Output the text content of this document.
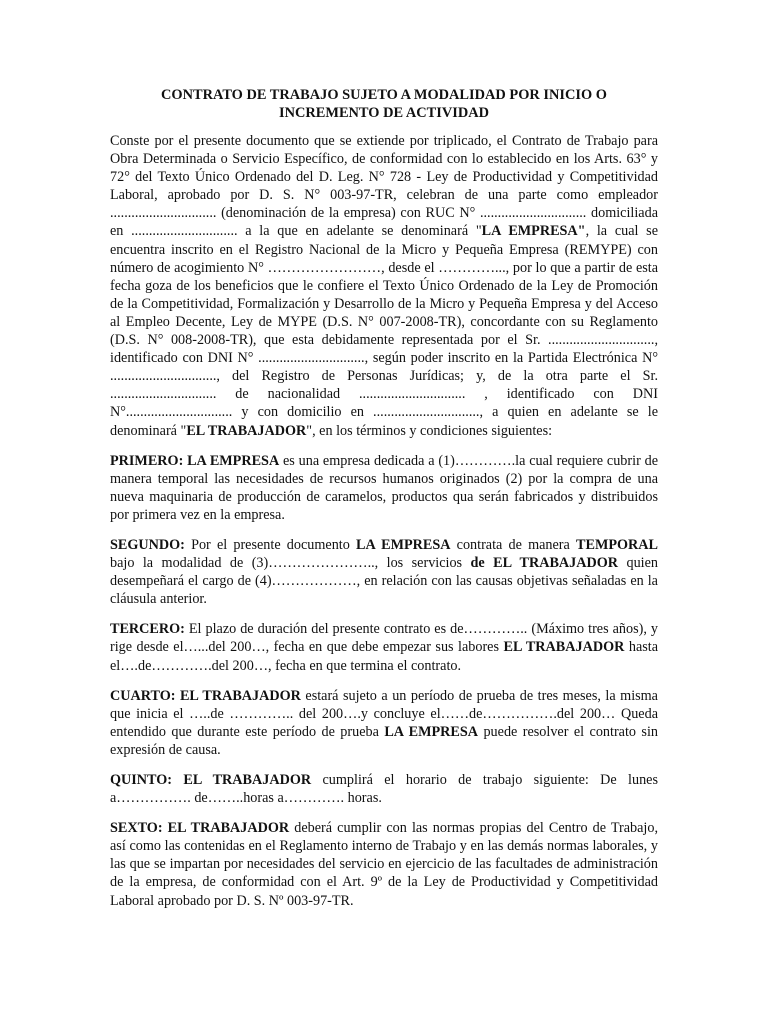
CONTRATO DE TRABAJO SUJETO A MODALIDAD POR INICIO O
INCREMENTO DE ACTIVIDAD

Conste por el presente documento que se extiende por triplicado, el Contrato de Trabajo para Obra Determinada o Servicio Específico, de conformidad con lo establecido en los Arts. 63° y 72° del Texto Único Ordenado del D. Leg. N° 728 - Ley de Productividad y Competitividad Laboral, aprobado por D. S. N° 003-97-TR, celebran de una parte como empleador .............................. (denominación de la empresa) con RUC N° .............................. domiciliada en .............................. a la que en adelante se denominará "LA EMPRESA", la cual se encuentra inscrito en el Registro Nacional de la Micro y Pequeña Empresa (REMYPE) con número de acogimiento N° ……………………, desde el …………..., por lo que a partir de esta fecha goza de los beneficios que le confiere el Texto Único Ordenado de la Ley de Promoción de la Competitividad, Formalización y Desarrollo de la Micro y Pequeña Empresa y del Acceso al Empleo Decente, Ley de MYPE (D.S. N° 007-2008-TR), concordante con su Reglamento (D.S. N° 008-2008-TR), que esta debidamente representada por el Sr. .............................., identificado con DNI N° .............................., según poder inscrito en la Partida Electrónica N° .............................., del Registro de Personas Jurídicas; y, de la otra parte el Sr. .............................. de nacionalidad .............................. , identificado con DNI N°.............................. y con domicilio en .............................., a quien en adelante se le denominará "EL TRABAJADOR", en los términos y condiciones siguientes:

PRIMERO: LA EMPRESA es una empresa dedicada a (1)………….la cual requiere cubrir de manera temporal las necesidades de recursos humanos originados (2) por la compra de una nueva maquinaria de producción de caramelos, productos qua serán fabricados y distribuidos por primera vez en la empresa.

SEGUNDO: Por el presente documento LA EMPRESA contrata de manera TEMPORAL bajo la modalidad de (3)………………….., los servicios de EL TRABAJADOR quien desempeñará el cargo de (4)………………, en relación con las causas objetivas señaladas en la cláusula anterior.

TERCERO: El plazo de duración del presente contrato es de………….. (Máximo tres años), y rige desde el…...del 200…, fecha en que debe empezar sus labores EL TRABAJADOR hasta el….de………….del 200…, fecha en que termina el contrato.

CUARTO: EL TRABAJADOR estará sujeto a un período de prueba de tres meses, la misma que inicia el …..de ………….. del 200….y concluye el……de…………….del 200… Queda entendido que durante este período de prueba LA EMPRESA puede resolver el contrato sin expresión de causa.

QUINTO: EL TRABAJADOR cumplirá el horario de trabajo siguiente: De lunes a……………. de……..horas a…………. horas.

SEXTO: EL TRABAJADOR deberá cumplir con las normas propias del Centro de Trabajo, así como las contenidas en el Reglamento interno de Trabajo y en las demás normas laborales, y las que se impartan por necesidades del servicio en ejercicio de las facultades de administración de la empresa, de conformidad con el Art. 9º de la Ley de Productividad y Competitividad Laboral aprobado por D. S. Nº 003-97-TR.
